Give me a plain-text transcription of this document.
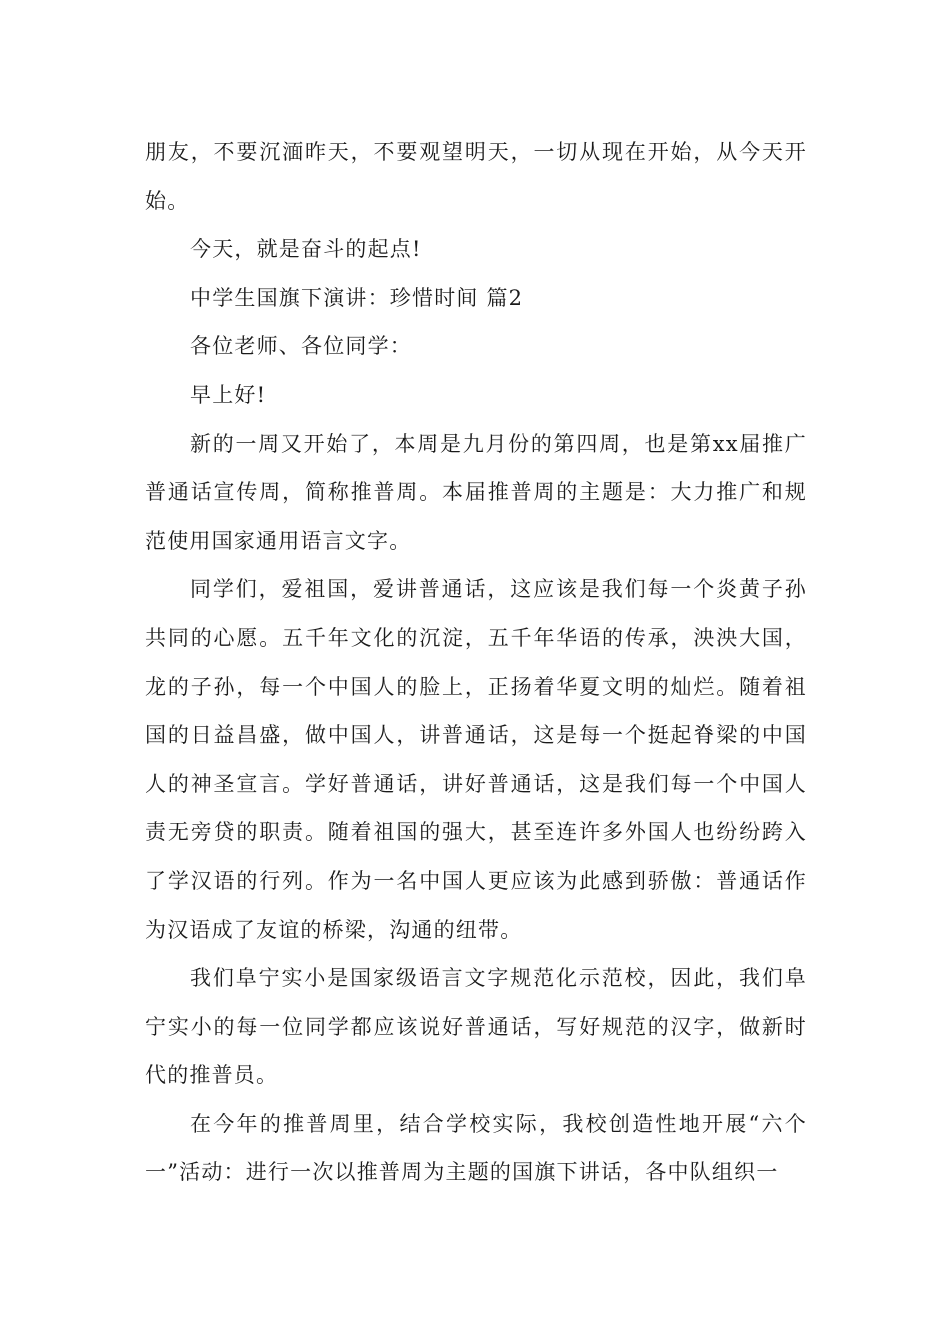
朋友，不要沉湎昨天，不要观望明天，一切从现在开始，从今天开始。

今天，就是奋斗的起点!

中学生国旗下演讲：珍惜时间 篇2

各位老师、各位同学：

早上好!

新的一周又开始了，本周是九月份的第四周，也是第xx届推广普通话宣传周，简称推普周。本届推普周的主题是：大力推广和规范使用国家通用语言文字。

同学们，爱祖国，爱讲普通话，这应该是我们每一个炎黄子孙共同的心愿。五千年文化的沉淀，五千年华语的传承，泱泱大国，龙的子孙，每一个中国人的脸上，正扬着华夏文明的灿烂。随着祖国的日益昌盛，做中国人，讲普通话，这是每一个挺起脊梁的中国人的神圣宣言。学好普通话，讲好普通话，这是我们每一个中国人责无旁贷的职责。随着祖国的强大，甚至连许多外国人也纷纷跨入了学汉语的行列。作为一名中国人更应该为此感到骄傲：普通话作为汉语成了友谊的桥梁，沟通的纽带。

我们阜宁实小是国家级语言文字规范化示范校，因此，我们阜宁实小的每一位同学都应该说好普通话，写好规范的汉字，做新时代的推普员。

在今年的推普周里，结合学校实际，我校创造性地开展“六个一”活动：进行一次以推普周为主题的国旗下讲话，各中队组织一
